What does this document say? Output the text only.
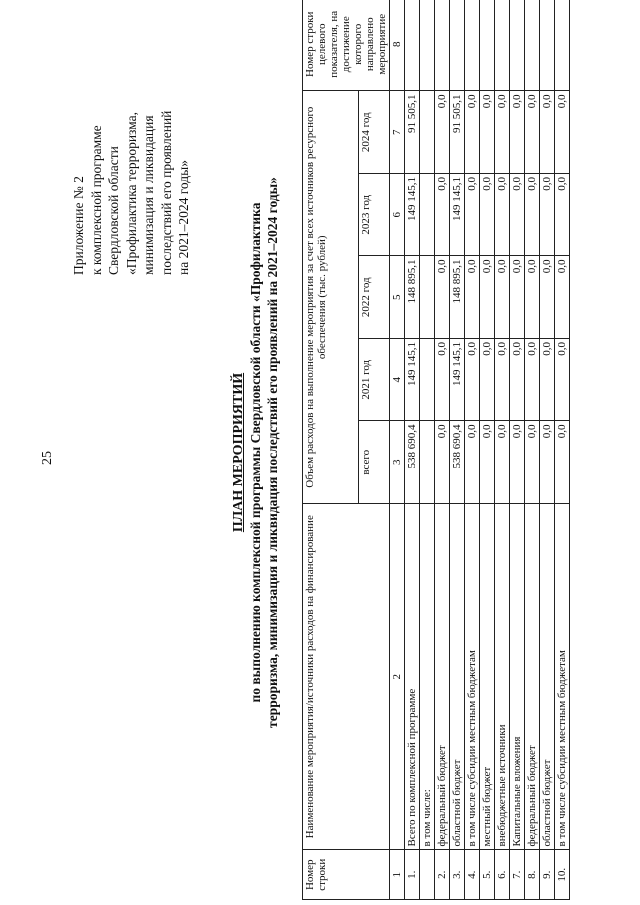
25
Приложение № 2 к комплексной программе Свердловской области «Профилактика терроризма, минимизация и ликвидация последствий его проявлений на 2021–2024 годы»
ПЛАН МЕРОПРИЯТИЙ по выполнению комплексной программы Свердловской области «Профилактика терроризма, минимизация и ликвидация последствий его проявлений на 2021–2024 годы»
Номер строки	Наименование мероприятия/источники расходов на финансирование	Объем расходов на выполнение мероприятия за счет всех источников ресурсного обеспечения (тыс. рублей)					Номер строки целевого показателя, на достижение которого направлено мероприятие
		всего	2021 год	2022 год	2023 год	2024 год	
1	2	3	4	5	6	7	8
1.	Всего по комплексной программе	538 690,4	149 145,1	148 895,1	149 145,1	91 505,1	
	в том числе:						
2.	федеральный бюджет	0,0	0,0	0,0	0,0	0,0	
3.	областной бюджет	538 690,4	149 145,1	148 895,1	149 145,1	91 505,1	
4.	в том числе субсидии местным бюджетам	0,0	0,0	0,0	0,0	0,0	
5.	местный бюджет	0,0	0,0	0,0	0,0	0,0	
6.	внебюджетные источники	0,0	0,0	0,0	0,0	0,0	
7.	Капитальные вложения	0,0	0,0	0,0	0,0	0,0	
8.	федеральный бюджет	0,0	0,0	0,0	0,0	0,0	
9.	областной бюджет	0,0	0,0	0,0	0,0	0,0	
10.	в том числе субсидии местным бюджетам	0,0	0,0	0,0	0,0	0,0	
